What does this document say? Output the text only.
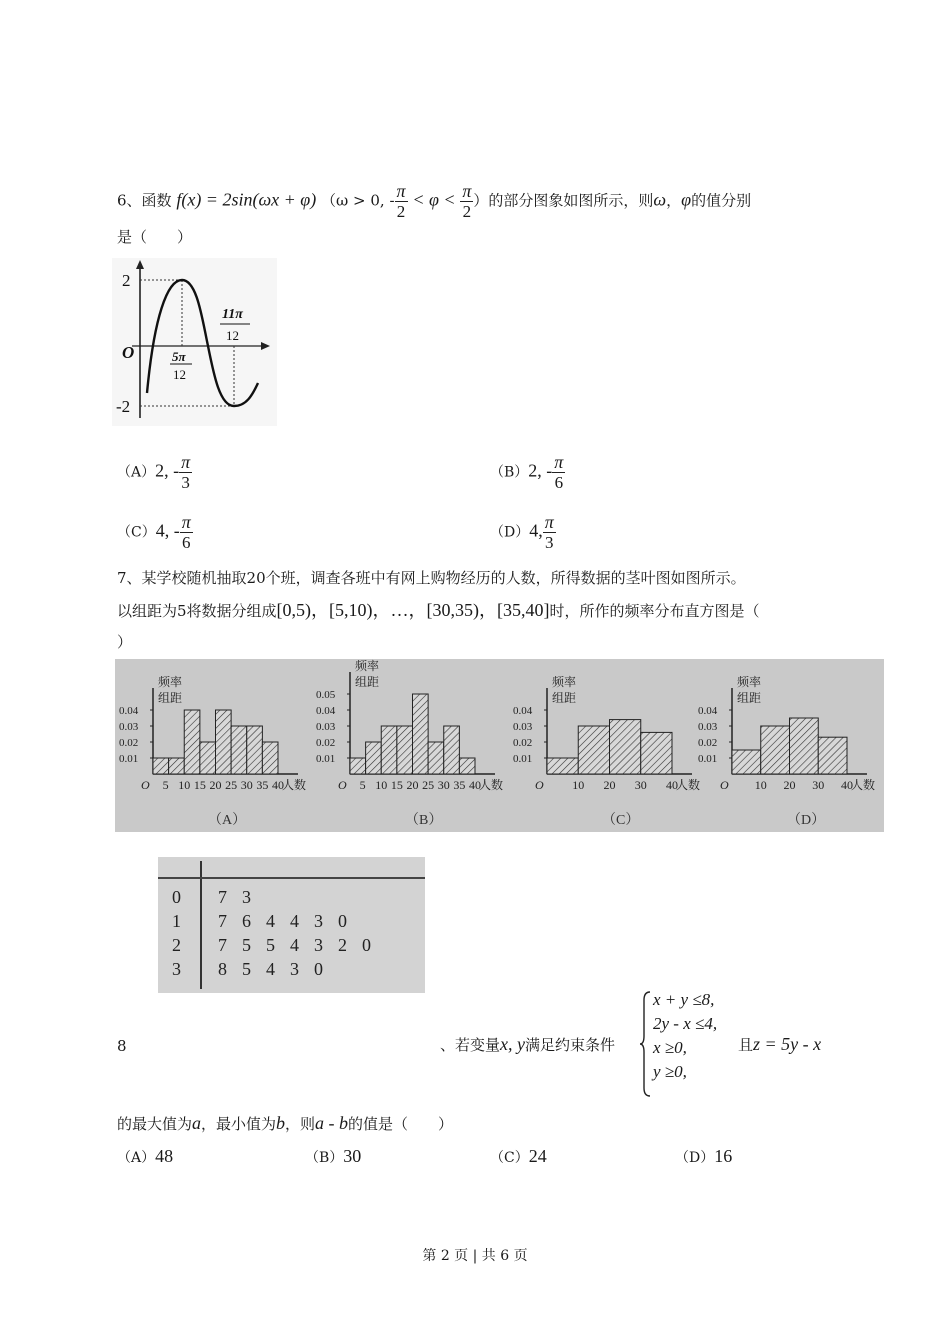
6、函数 f(x) = 2sin(ωx + φ) （ω > 0, - $\frac{\pi}{2} < \varphi < \frac{\pi}{2}$ ）的部分图象如图所示，则ω，φ的值分别
是（　　）
2
-2
O	5π
12
11π
12
（A）2, - $\frac{\pi}{3}$	（B）2, - $\frac{\pi}{6}$
（C）4, - $\frac{\pi}{6}$	（D）4, $\frac{\pi}{3}$
7、某学校随机抽取20个班，调查各班中有网上购物经历的人数，所得数据的茎叶图如图所示。
以组距为5将数据分组成[0,5)，[5,10)，…，[30,35)，[35,40]时，所作的频率分布直方图是（
）
频率
组距
0.04
0.03
0.02
0.01
O 5 10 15 20 25 30 35 40
人数
（A）
频率
组距
0.05
0.04
0.03
0.02
0.01
O 5 10 15 20 25 30 35 40
人数
（B）
频率
组距
0.04
0.03
0.02
0.01
O 10 20 30 40
人数
（C）
频率
组距
0.04
0.03
0.02
0.01
O 10 20 30 40
人数
（D）
0 7 3
1 7 6 4 4 3 0
2 7 5 5 4 3 2 0
3 8 5 4 3 0
8	、若变量x, y满足约束条件
x + y ≤8,
2y - x ≤4,
x ≥0,
y ≥0,
且z = 5y - x
的最大值为a，最小值为b，则a - b的值是（　　）
（A）48	（B）30	（C）24	（D）16
第 2 页 | 共 6 页
